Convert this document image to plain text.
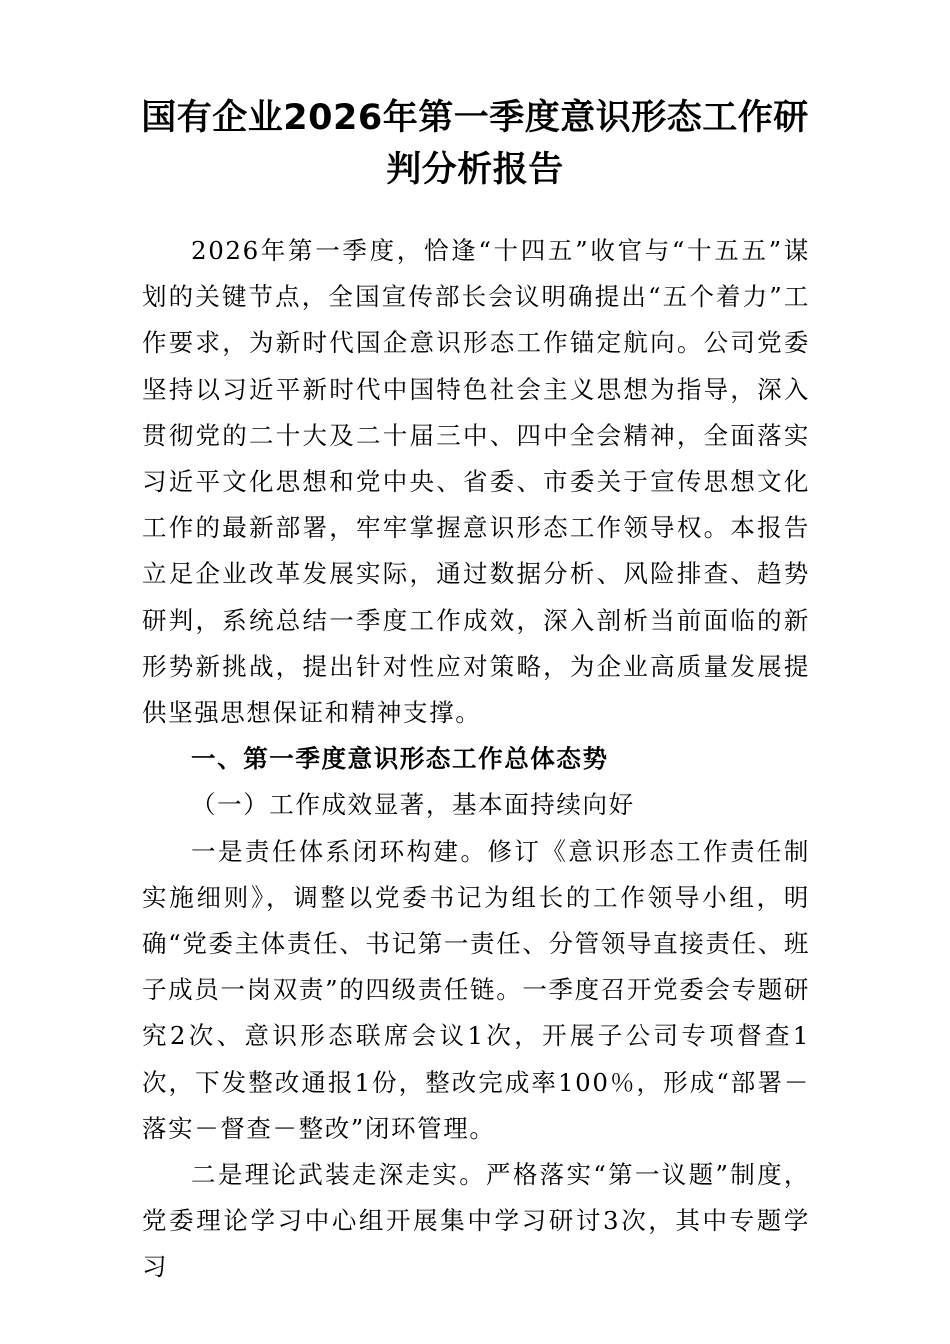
国有企业2026年第一季度意识形态工作研判分析报告

2026年第一季度，恰逢“十四五”收官与“十五五”谋划的关键节点，全国宣传部长会议明确提出“五个着力”工作要求，为新时代国企意识形态工作锚定航向。公司党委坚持以习近平新时代中国特色社会主义思想为指导，深入贯彻党的二十大及二十届三中、四中全会精神，全面落实习近平文化思想和党中央、省委、市委关于宣传思想文化工作的最新部署，牢牢掌握意识形态工作领导权。本报告立足企业改革发展实际，通过数据分析、风险排查、趋势研判，系统总结一季度工作成效，深入剖析当前面临的新形势新挑战，提出针对性应对策略，为企业高质量发展提供坚强思想保证和精神支撑。

一、第一季度意识形态工作总体态势
（一）工作成效显著，基本面持续向好

一是责任体系闭环构建。修订《意识形态工作责任制实施细则》，调整以党委书记为组长的工作领导小组，明确“党委主体责任、书记第一责任、分管领导直接责任、班子成员一岗双责”的四级责任链。一季度召开党委会专题研究2次、意识形态联席会议1次，开展子公司专项督查1次，下发整改通报1份，整改完成率100％，形成“部署－落实－督查－整改”闭环管理。

二是理论武装走深走实。严格落实“第一议题”制度，党委理论学习中心组开展集中学习研讨3次，其中专题学习
